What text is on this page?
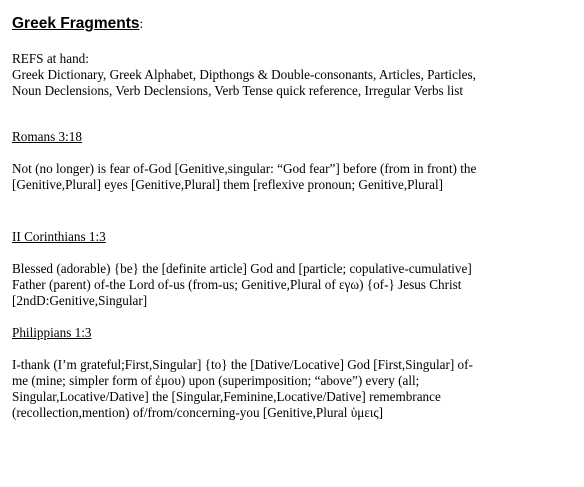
Greek Fragments:
REFS at hand:
Greek Dictionary, Greek Alphabet, Dipthongs & Double-consonants, Articles, Particles,
Noun Declensions, Verb Declensions, Verb Tense quick reference, Irregular Verbs list
Romans 3:18
Not (no longer) is fear of-God [Genitive,singular: “God fear”] before (from in front) the
[Genitive,Plural] eyes [Genitive,Plural] them [reflexive pronoun; Genitive,Plural]
II Corinthians 1:3
Blessed (adorable) {be} the [definite article] God and [particle; copulative-cumulative]
Father (parent) of-the Lord of-us (from-us; Genitive,Plural of εγω) {of-} Jesus Christ
[2ndD:Genitive,Singular]
Philippians 1:3
I-thank (I’m grateful;First,Singular] {to} the [Dative/Locative] God [First,Singular] of-
me (mine; simpler form of ἐμου) upon (superimposition; “above”) every (all;
Singular,Locative/Dative] the [Singular,Feminine,Locative/Dative] remembrance
(recollection,mention) of/from/concerning-you [Genitive,Plural ὑμεις]
